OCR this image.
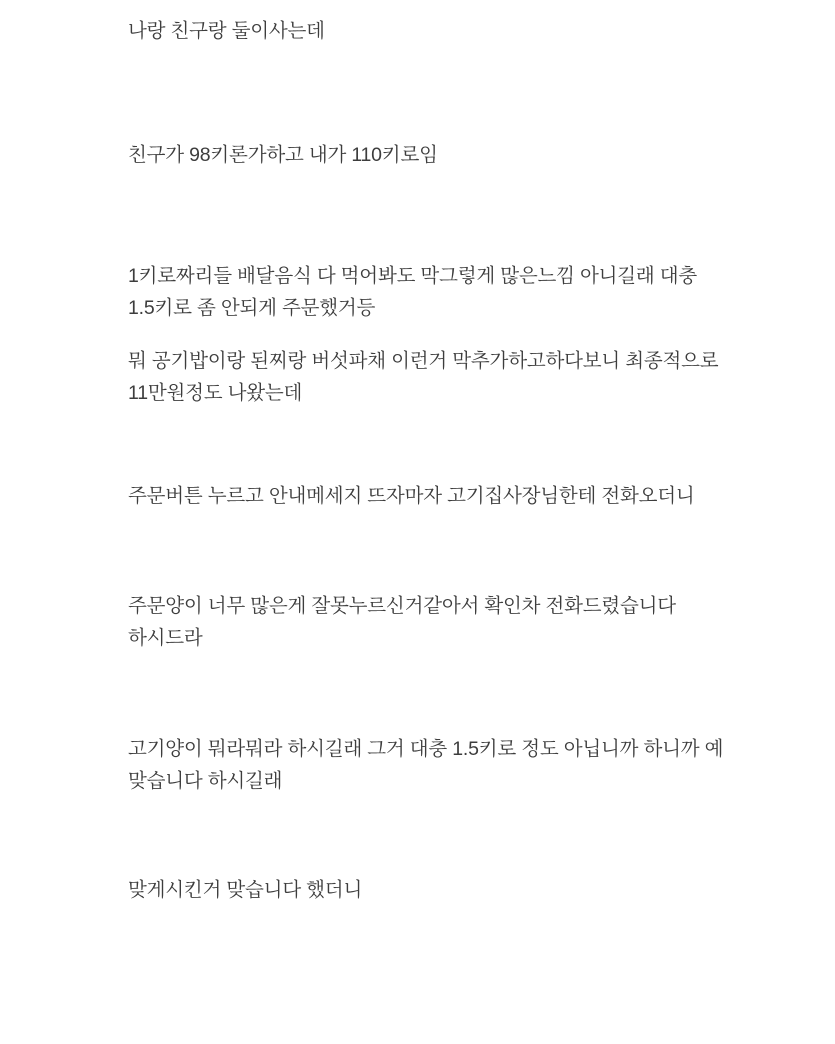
나랑 친구랑 둘이사는데

친구가 98키론가하고 내가 110키로임

1키로짜리들 배달음식 다 먹어봐도 막그렇게 많은느낌 아니길래 대충 1.5키로 좀 안되게 주문했거등

뭐 공기밥이랑 된찌랑 버섯파채 이런거 막추가하고하다보니 최종적으로 11만원정도 나왔는데

주문버튼 누르고 안내메세지 뜨자마자 고기집사장님한테 전화오더니

주문양이 너무 많은게 잘못누르신거같아서 확인차 전화드렸습니다 하시드라

고기양이 뭐라뭐라 하시길래 그거 대충 1.5키로 정도 아닙니까 하니까 예 맞습니다 하시길래

맞게시킨거 맞습니다 했더니
